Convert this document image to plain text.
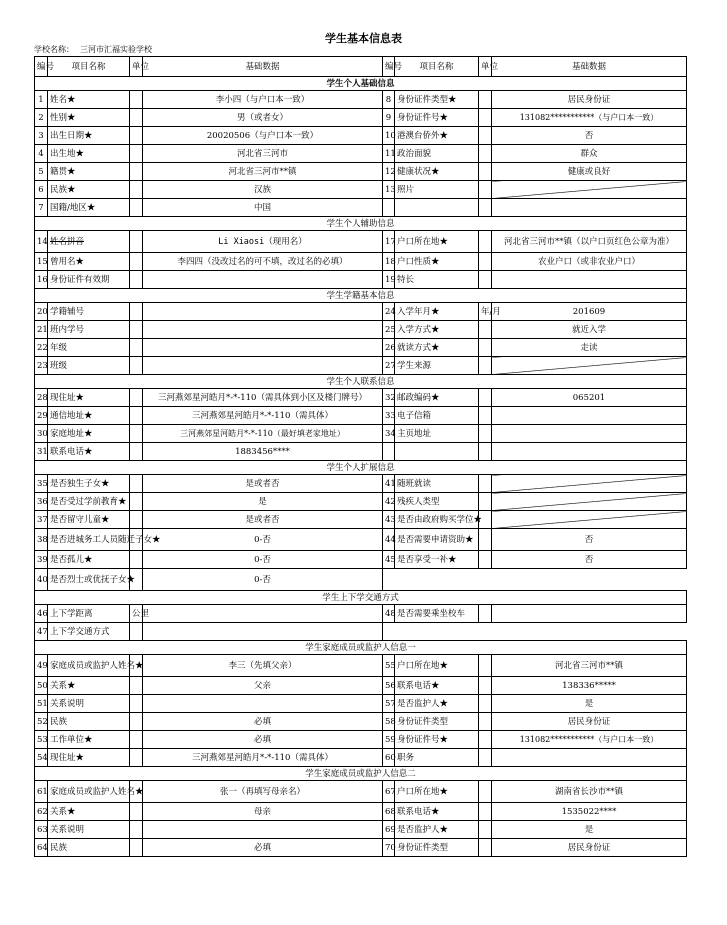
学生基本信息表
学校名称： 三河市汇福实验学校
编号	项目名称	单位	基础数据	编号	项目名称	单位	基础数据
学生个人基础信息							
1	姓名★		李小四（与户口本一致）	8	身份证件类型★		居民身份证
2	性别★		男（或者女）	9	身份证件号★		131082***********（与户口本一致）
3	出生日期★		20020506（与户口本一致）	10	港澳台侨外★		否
4	出生地★		河北省三河市	11	政治面貌		群众
5	籍贯★		河北省三河市**镇	12	健康状况★		健康或良好
6	民族★		汉族	13	照片		
7	国籍/地区★		中国				
学生个人辅助信息							
14	姓名拼音		Li Xiaosi（现用名）	17	户口所在地★		河北省三河市**镇（以户口页红色公章为准）
15	曾用名★		李四四（没改过名的可不填，改过名的必填）	18	户口性质★		农业户口（或非农业户口）
16	身份证件有效期			19	特长		
学生学籍基本信息							
20	学籍辅号			24	入学年月★	年/月	201609
21	班内学号			25	入学方式★		就近入学
22	年级			26	就读方式★		走读
23	班级			27	学生来源		
学生个人联系信息							
28	现住址★		三河燕郊星河皓月*-*-110（需具体到小区及楼门牌号）	32	邮政编码★		065201
29	通信地址★		三河燕郊星河皓月*-*-110（需具体）	33	电子信箱		
30	家庭地址★		三河燕郊星河皓月*-*-110（最好填老家地址）	34	主页地址		
31	联系电话★		1883456****				
学生个人扩展信息							
35	是否独生子女★		是或者否	41	随班就读		
36	是否受过学前教育★		是	42	残疾人类型		
37	是否留守儿童★		是或者否	43	是否由政府购买学位★		
38	是否进城务工人员随迁子女★		0-否	44	是否需要申请资助★		否
39	是否孤儿★		0-否	45	是否享受一补★		否
40	是否烈士或优抚子女★		0-否				
学生上下学交通方式							
46	上下学距离	公里		48	是否需要乘坐校车		
47	上下学交通方式						
学生家庭成员或监护人信息一							
49	家庭成员或监护人姓名★		李三（先填父亲）	55	户口所在地★		河北省三河市**镇
50	关系★		父亲	56	联系电话★		138336*****
51	关系说明			57	是否监护人★		是
52	民族		必填	58	身份证件类型		居民身份证
53	工作单位★		必填	59	身份证件号★		131082***********（与户口本一致）
54	现住址★		三河燕郊星河皓月*-*-110（需具体）	60	职务		
学生家庭成员或监护人信息二							
61	家庭成员或监护人姓名★		张一（再填写母亲名）	67	户口所在地★		湖南省长沙市**镇
62	关系★		母亲	68	联系电话★		1535022****
63	关系说明			69	是否监护人★		是
64	民族		必填	70	身份证件类型		居民身份证
